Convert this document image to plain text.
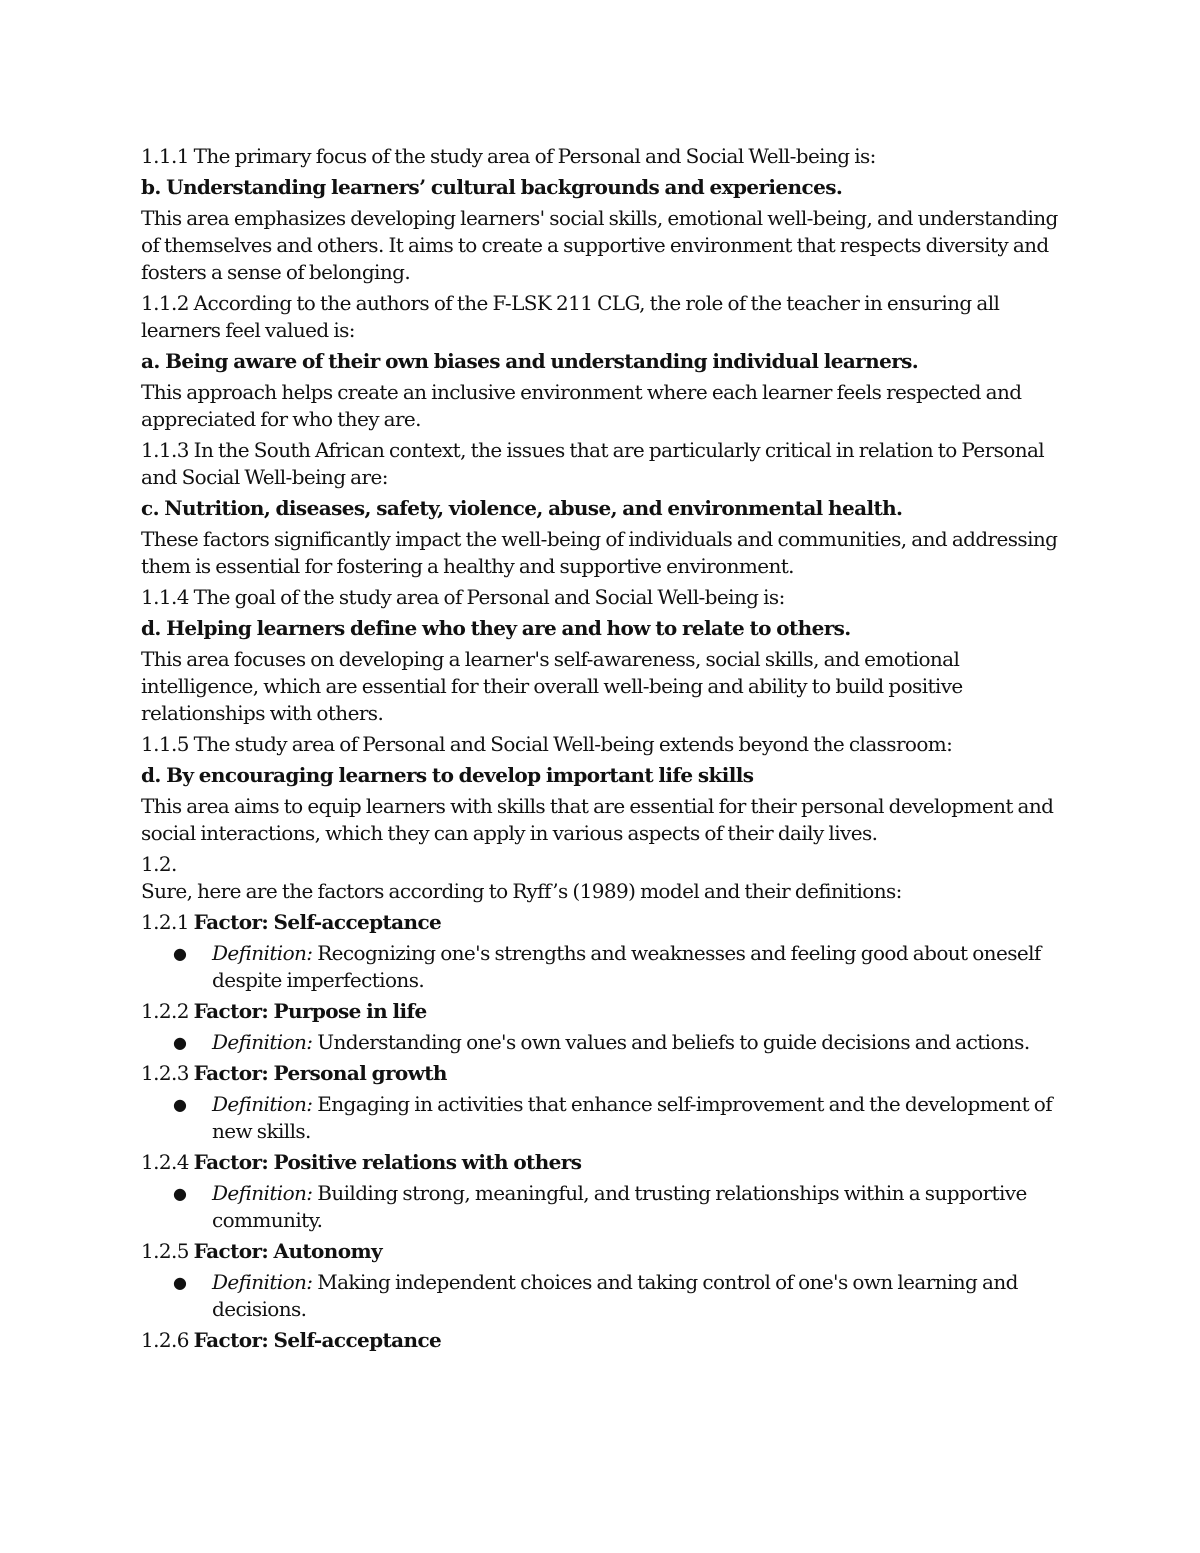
1.1.1 The primary focus of the study area of Personal and Social Well-being is:

b. Understanding learners’ cultural backgrounds and experiences.

This area emphasizes developing learners' social skills, emotional well-being, and understanding of themselves and others. It aims to create a supportive environment that respects diversity and fosters a sense of belonging.

1.1.2 According to the authors of the F-LSK 211 CLG, the role of the teacher in ensuring all learners feel valued is:

a. Being aware of their own biases and understanding individual learners.

This approach helps create an inclusive environment where each learner feels respected and appreciated for who they are.

1.1.3 In the South African context, the issues that are particularly critical in relation to Personal and Social Well-being are:

c. Nutrition, diseases, safety, violence, abuse, and environmental health.

These factors significantly impact the well-being of individuals and communities, and addressing them is essential for fostering a healthy and supportive environment.

1.1.4 The goal of the study area of Personal and Social Well-being is:

d. Helping learners define who they are and how to relate to others.

This area focuses on developing a learner's self-awareness, social skills, and emotional intelligence, which are essential for their overall well-being and ability to build positive relationships with others.

1.1.5 The study area of Personal and Social Well-being extends beyond the classroom:

d. By encouraging learners to develop important life skills

This area aims to equip learners with skills that are essential for their personal development and social interactions, which they can apply in various aspects of their daily lives.

1.2.

Sure, here are the factors according to Ryff’s (1989) model and their definitions:

1.2.1 Factor: Self-acceptance

● Definition: Recognizing one's strengths and weaknesses and feeling good about oneself despite imperfections.

1.2.2 Factor: Purpose in life

● Definition: Understanding one's own values and beliefs to guide decisions and actions.

1.2.3 Factor: Personal growth

● Definition: Engaging in activities that enhance self-improvement and the development of new skills.

1.2.4 Factor: Positive relations with others

● Definition: Building strong, meaningful, and trusting relationships within a supportive community.

1.2.5 Factor: Autonomy

● Definition: Making independent choices and taking control of one's own learning and decisions.

1.2.6 Factor: Self-acceptance
